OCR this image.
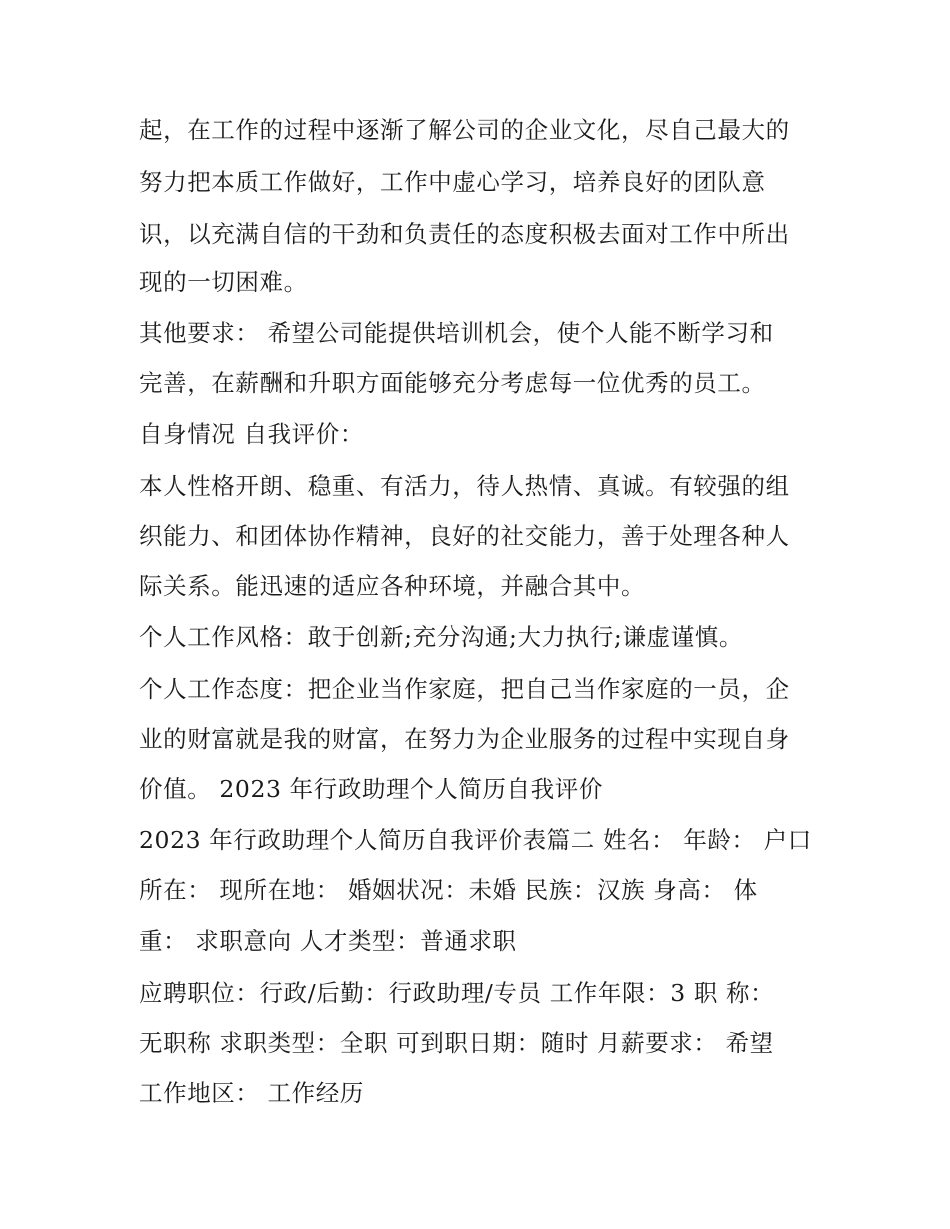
起，在工作的过程中逐渐了解公司的企业文化，尽自己最大的

努力把本质工作做好，工作中虚心学习，培养良好的团队意

识，以充满自信的干劲和负责任的态度积极去面对工作中所出

现的一切困难。

其他要求： 希望公司能提供培训机会，使个人能不断学习和

完善，在薪酬和升职方面能够充分考虑每一位优秀的员工。

自身情况 自我评价：

本人性格开朗、稳重、有活力，待人热情、真诚。有较强的组

织能力、和团体协作精神，良好的社交能力，善于处理各种人

际关系。能迅速的适应各种环境，并融合其中。

个人工作风格：敢于创新;充分沟通;大力执行;谦虚谨慎。

个人工作态度：把企业当作家庭，把自己当作家庭的一员，企

业的财富就是我的财富，在努力为企业服务的过程中实现自身

价值。 2023 年行政助理个人简历自我评价

2023 年行政助理个人简历自我评价表篇二 姓名： 年龄： 户口

所在： 现所在地： 婚姻状况：未婚 民族：汉族 身高： 体

重： 求职意向 人才类型：普通求职

应聘职位：行政/后勤：行政助理/专员 工作年限：3 职 称：

无职称 求职类型：全职 可到职日期：随时 月薪要求： 希望

工作地区： 工作经历
